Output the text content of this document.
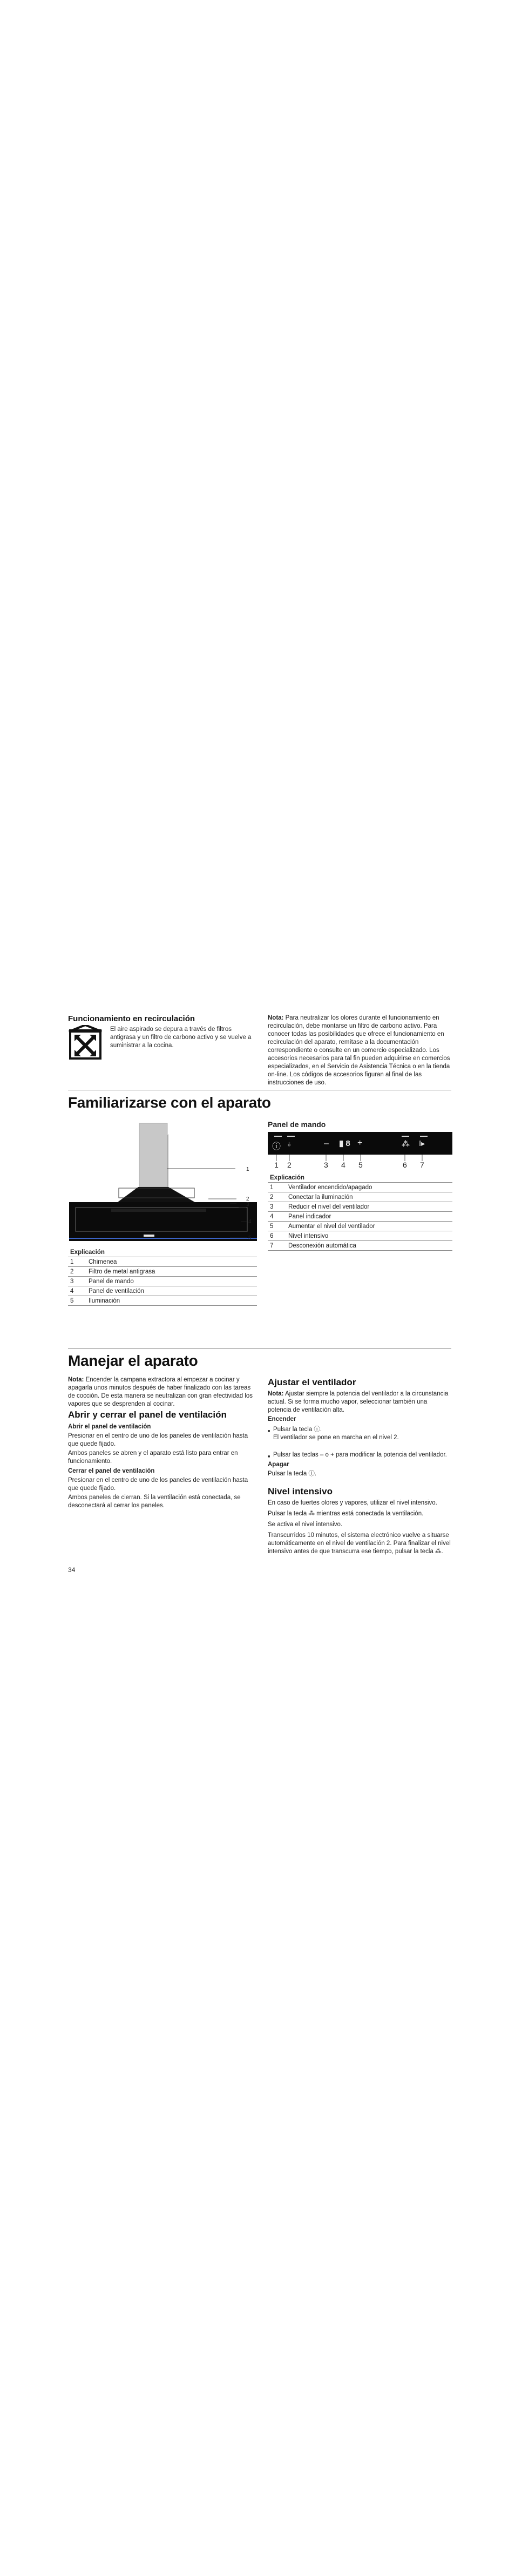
Funcionamiento en recirculación
El aire aspirado se depura a través de filtros antigrasa y un filtro de carbono activo y se vuelve a suministrar a la cocina.
Nota: Para neutralizar los olores durante el funcionamiento en recirculación, debe montarse un filtro de carbono activo. Para conocer todas las posibilidades que ofrece el funcionamiento en recirculación del aparato, remítase a la documentación correspondiente o consulte en un comercio especializado. Los accesorios necesarios para tal fin pueden adquirirse en comercios especializados, en el Servicio de Asistencia Técnica o en la tienda on-line. Los códigos de accesorios figuran al final de las instrucciones de uso.
Familiarizarse con el aparato
1
2
3
4
5
Panel de mando
ⓘ ♁	– ▮ 8 +	⁂ Ⅰ▸
1 2	3 4 5	6 7
Explicación	
1	Chimenea
2	Filtro de metal antigrasa
3	Panel de mando
4	Panel de ventilación
5	Iluminación
Explicación	
1	Ventilador encendido/apagado
2	Conectar la iluminación
3	Reducir el nivel del ventilador
4	Panel indicador
5	Aumentar el nivel del ventilador
6	Nivel intensivo
7	Desconexión automática
Manejar el aparato
Nota: Encender la campana extractora al empezar a cocinar y apagarla unos minutos después de haber finalizado con las tareas de cocción. De esta manera se neutralizan con gran efectividad los vapores que se desprenden al cocinar.
Abrir y cerrar el panel de ventilación
Abrir el panel de ventilación
Presionar en el centro de uno de los paneles de ventilación hasta que quede fijado.
Ambos paneles se abren y el aparato está listo para entrar en funcionamiento.
Cerrar el panel de ventilación
Presionar en el centro de uno de los paneles de ventilación hasta que quede fijado.
Ambos paneles de cierran. Si la ventilación está conectada, se desconectará al cerrar los paneles.
Ajustar el ventilador
Nota: Ajustar siempre la potencia del ventilador a la circunstancia actual. Si se forma mucho vapor, seleccionar también una potencia de ventilación alta.
Encender
■ Pulsar la tecla ⓘ.
El ventilador se pone en marcha en el nivel 2.
■ Pulsar las teclas – o + para modificar la potencia del ventilador.
Apagar
Pulsar la tecla ⓘ.
Nivel intensivo
En caso de fuertes olores y vapores, utilizar el nivel intensivo.
Pulsar la tecla ⁂ mientras está conectada la ventilación.
Se activa el nivel intensivo.
Transcurridos 10 minutos, el sistema electrónico vuelve a situarse automáticamente en el nivel de ventilación 2. Para finalizar el nivel intensivo antes de que transcurra ese tiempo, pulsar la tecla ⁂.
34
